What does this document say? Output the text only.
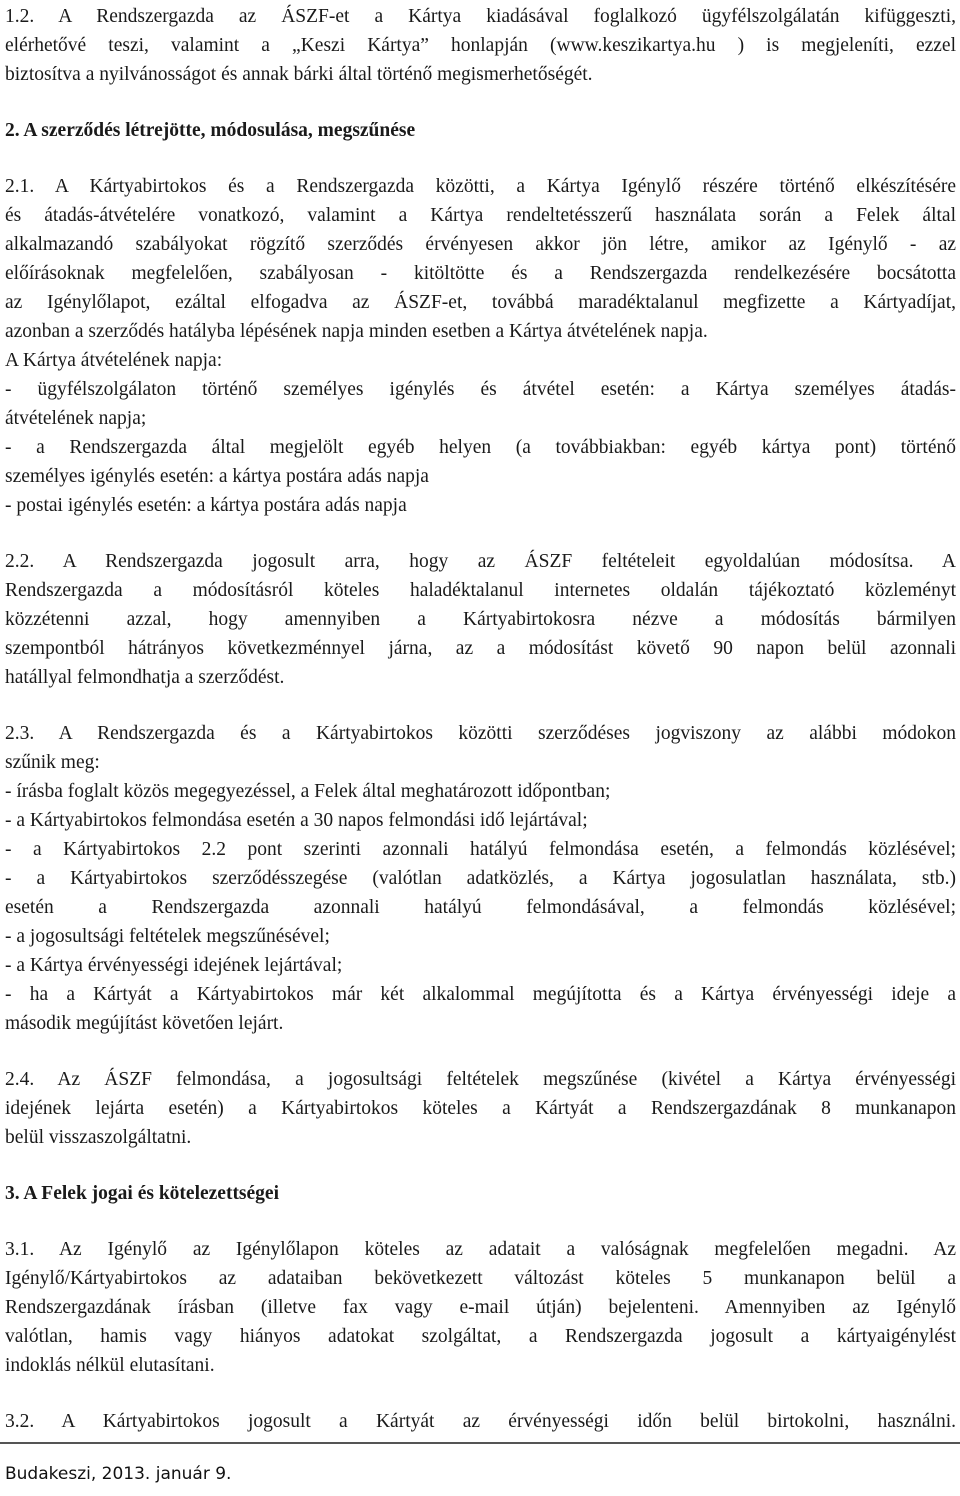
1.2. A Rendszergazda az ÁSZF-et a Kártya kiadásával foglalkozó ügyfélszolgálatán kifüggeszti,
elérhetővé teszi, valamint a „Keszi Kártya” honlapján (www.keszikartya.hu ) is megjeleníti, ezzel
biztosítva a nyilvánosságot és annak bárki által történő megismerhetőségét.
2. A szerződés létrejötte, módosulása, megszűnése
2.1. A Kártyabirtokos és a Rendszergazda közötti, a Kártya Igénylő részére történő elkészítésére
és átadás-átvételére vonatkozó, valamint a Kártya rendeltetésszerű használata során a Felek által
alkalmazandó szabályokat rögzítő szerződés érvényesen akkor jön létre, amikor az Igénylő - az
előírásoknak megfelelően, szabályosan - kitöltötte és a Rendszergazda rendelkezésére bocsátotta
az Igénylőlapot, ezáltal elfogadva az ÁSZF-et, továbbá maradéktalanul megfizette a Kártyadíjat,
azonban a szerződés hatályba lépésének napja minden esetben a Kártya átvételének napja.
A Kártya átvételének napja:
- ügyfélszolgálaton történő személyes igénylés és átvétel esetén: a Kártya személyes átadás-
átvételének napja;
- a Rendszergazda által megjelölt egyéb helyen (a továbbiakban: egyéb kártya pont) történő
személyes igénylés esetén: a kártya postára adás napja
- postai igénylés esetén: a kártya postára adás napja
2.2. A Rendszergazda jogosult arra, hogy az ÁSZF feltételeit egyoldalúan módosítsa. A
Rendszergazda a módosításról köteles haladéktalanul internetes oldalán tájékoztató közleményt
közzétenni azzal, hogy amennyiben a Kártyabirtokosra nézve a módosítás bármilyen
szempontból hátrányos következménnyel járna, az a módosítást követő 90 napon belül azonnali
hatállyal felmondhatja a szerződést.
2.3. A Rendszergazda és a Kártyabirtokos közötti szerződéses jogviszony az alábbi módokon
szűnik meg:
- írásba foglalt közös megegyezéssel, a Felek által meghatározott időpontban;
- a Kártyabirtokos felmondása esetén a 30 napos felmondási idő lejártával;
- a Kártyabirtokos 2.2 pont szerinti azonnali hatályú felmondása esetén, a felmondás közlésével;
- a Kártyabirtokos szerződésszegése (valótlan adatközlés, a Kártya jogosulatlan használata, stb.)
esetén a Rendszergazda azonnali hatályú felmondásával, a felmondás közlésével;
- a jogosultsági feltételek megszűnésével;
- a Kártya érvényességi idejének lejártával;
- ha a Kártyát a Kártyabirtokos már két alkalommal megújította és a Kártya érvényességi ideje a
második megújítást követően lejárt.
2.4. Az ÁSZF felmondása, a jogosultsági feltételek megszűnése (kivétel a Kártya érvényességi
idejének lejárta esetén) a Kártyabirtokos köteles a Kártyát a Rendszergazdának 8 munkanapon
belül visszaszolgáltatni.
3. A Felek jogai és kötelezettségei
3.1. Az Igénylő az Igénylőlapon köteles az adatait a valóságnak megfelelően megadni. Az
Igénylő/Kártyabirtokos az adataiban bekövetkezett változást köteles 5 munkanapon belül a
Rendszergazdának írásban (illetve fax vagy e-mail útján) bejelenteni. Amennyiben az Igénylő
valótlan, hamis vagy hiányos adatokat szolgáltat, a Rendszergazda jogosult a kártyaigénylést
indoklás nélkül elutasítani.
3.2. A Kártyabirtokos jogosult a Kártyát az érvényességi időn belül birtokolni, használni.
Budakeszi, 2013. január 9.
